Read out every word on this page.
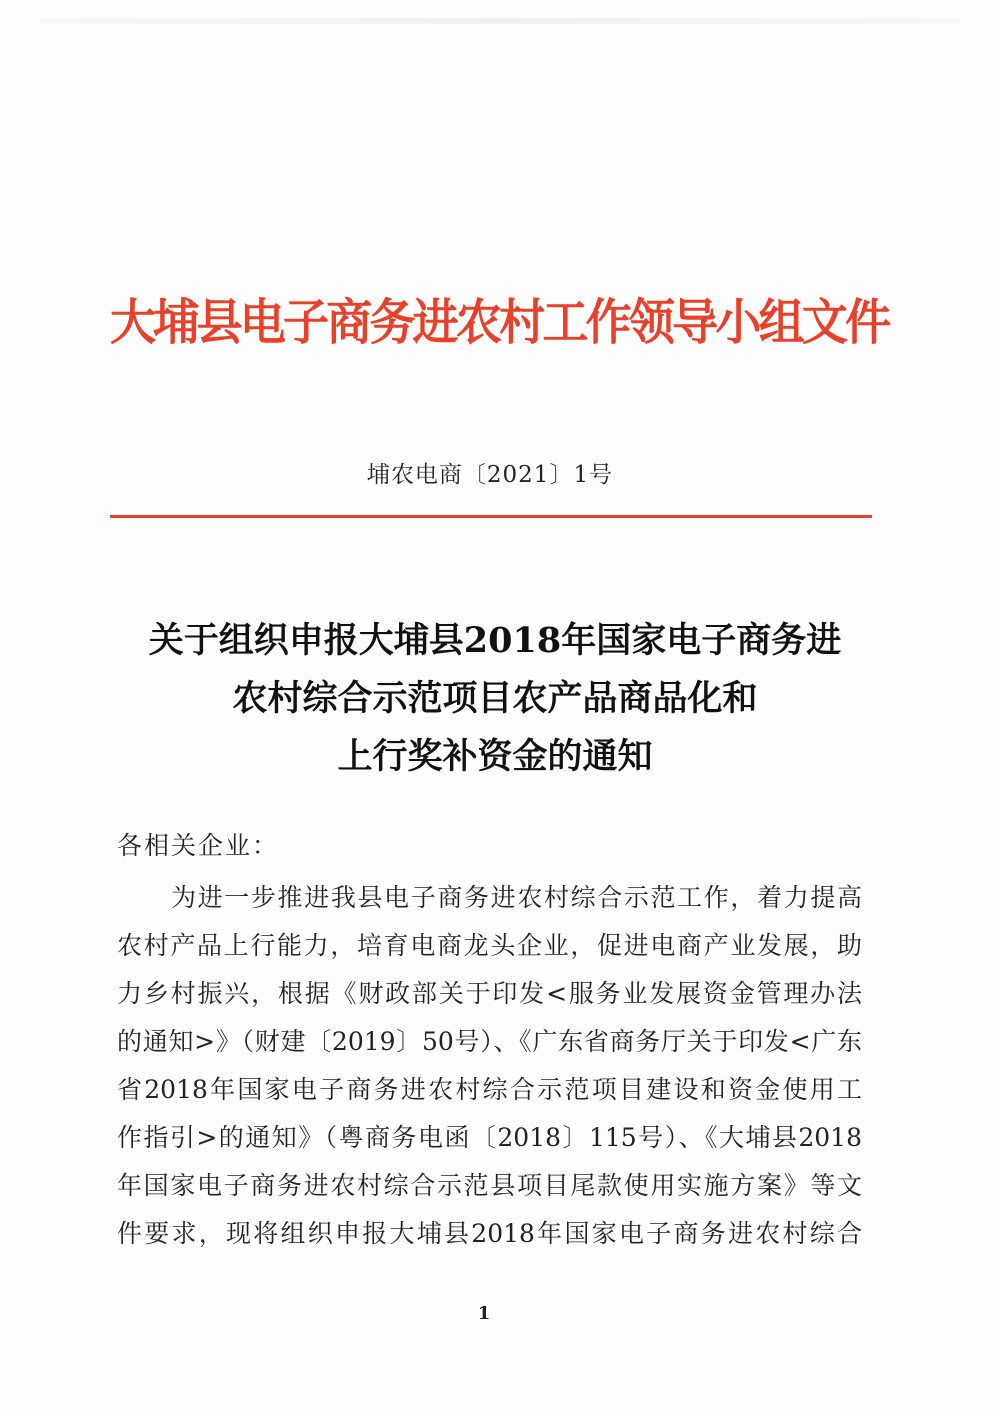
大埔县电子商务进农村工作领导小组文件
埔农电商〔2021〕1号
关于组织申报大埔县2018年国家电子商务进
农村综合示范项目农产品商品化和
上行奖补资金的通知
各相关企业：
为进一步推进我县电子商务进农村综合示范工作，着力提高
农村产品上行能力，培育电商龙头企业，促进电商产业发展，助
力乡村振兴，根据《财政部关于印发<服务业发展资金管理办法
的通知>》（财建〔2019〕50号）、《广东省商务厅关于印发<广东
省2018年国家电子商务进农村综合示范项目建设和资金使用工
作指引>的通知》（粤商务电函〔2018〕115号）、《大埔县2018
年国家电子商务进农村综合示范县项目尾款使用实施方案》等文
件要求，现将组织申报大埔县2018年国家电子商务进农村综合
1
